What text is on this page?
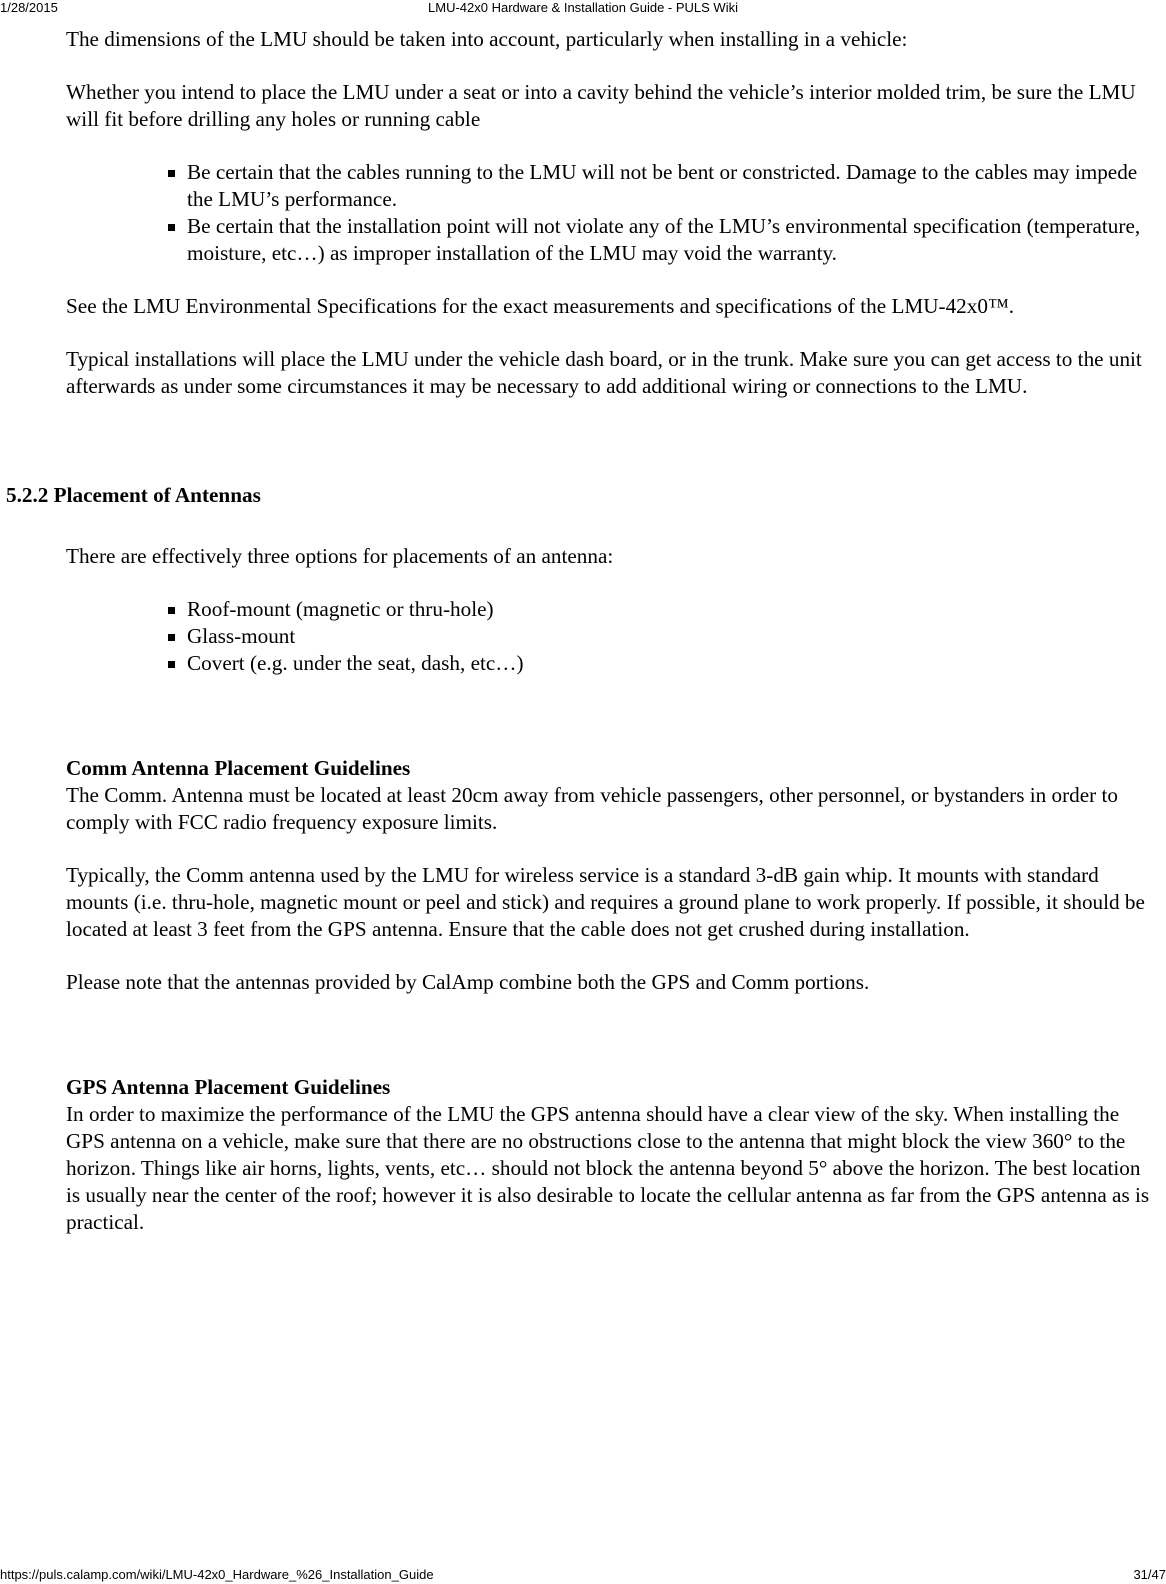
1/28/2015	LMU-42x0 Hardware & Installation Guide - PULS Wiki

The dimensions of the LMU should be taken into account, particularly when installing in a vehicle:

Whether you intend to place the LMU under a seat or into a cavity behind the vehicle’s interior molded trim, be sure the LMU will fit before drilling any holes or running cable

Be certain that the cables running to the LMU will not be bent or constricted. Damage to the cables may impede the LMU’s performance.
Be certain that the installation point will not violate any of the LMU’s environmental specification (temperature, moisture, etc…) as improper installation of the LMU may void the warranty.

See the LMU Environmental Specifications for the exact measurements and specifications of the LMU-42x0™.

Typical installations will place the LMU under the vehicle dash board, or in the trunk. Make sure you can get access to the unit afterwards as under some circumstances it may be necessary to add additional wiring or connections to the LMU.

5.2.2 Placement of Antennas

There are effectively three options for placements of an antenna:

Roof-mount (magnetic or thru-hole)
Glass-mount
Covert (e.g. under the seat, dash, etc…)

Comm Antenna Placement Guidelines
The Comm. Antenna must be located at least 20cm away from vehicle passengers, other personnel, or bystanders in order to comply with FCC radio frequency exposure limits.

Typically, the Comm antenna used by the LMU for wireless service is a standard 3-dB gain whip. It mounts with standard mounts (i.e. thru-hole, magnetic mount or peel and stick) and requires a ground plane to work properly. If possible, it should be located at least 3 feet from the GPS antenna. Ensure that the cable does not get crushed during installation.

Please note that the antennas provided by CalAmp combine both the GPS and Comm portions.

GPS Antenna Placement Guidelines
In order to maximize the performance of the LMU the GPS antenna should have a clear view of the sky. When installing the GPS antenna on a vehicle, make sure that there are no obstructions close to the antenna that might block the view 360° to the horizon. Things like air horns, lights, vents, etc… should not block the antenna beyond 5° above the horizon. The best location is usually near the center of the roof; however it is also desirable to locate the cellular antenna as far from the GPS antenna as is practical.

https://puls.calamp.com/wiki/LMU-42x0_Hardware_%26_Installation_Guide	31/47
